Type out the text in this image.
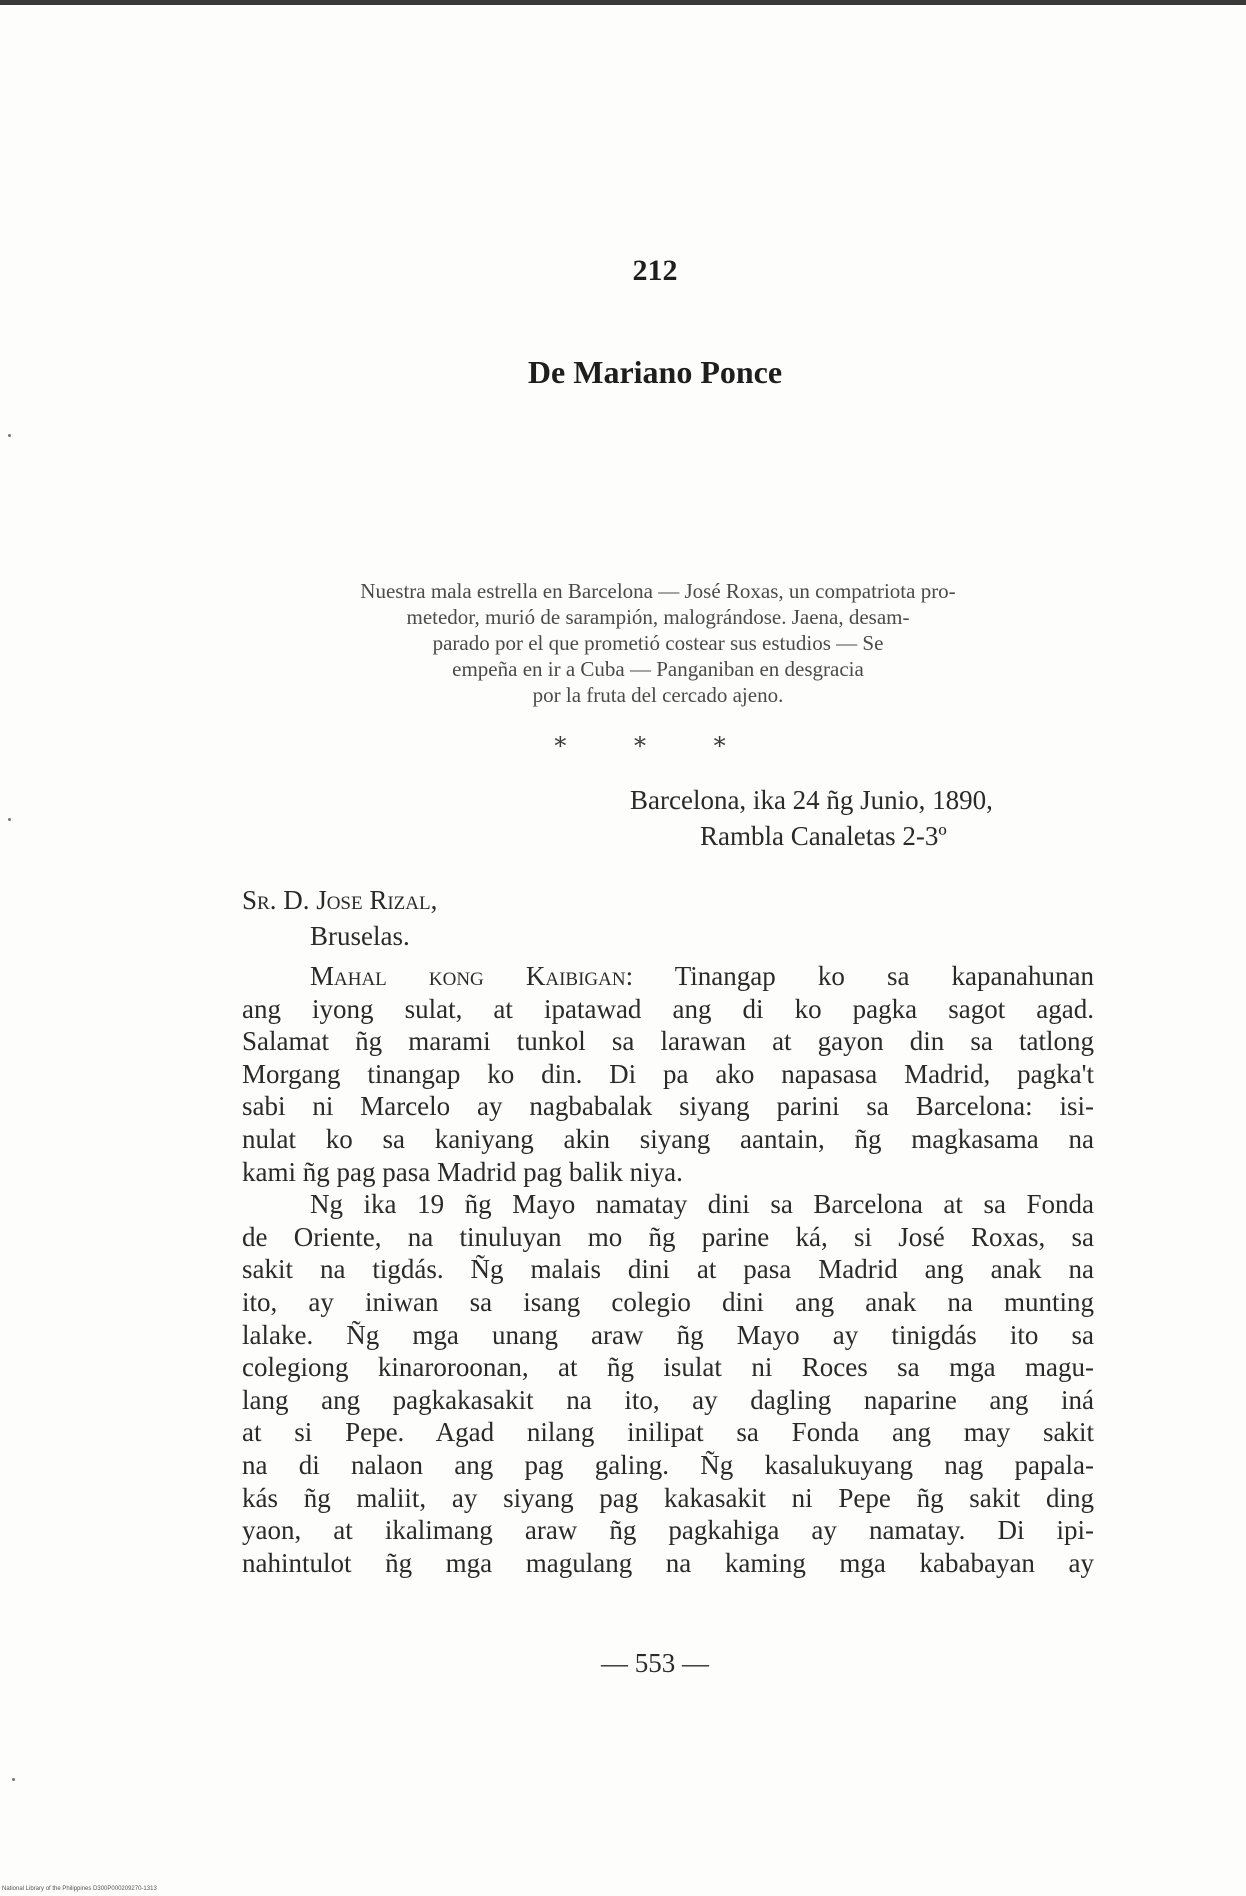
212
De Mariano Ponce
Nuestra mala estrella en Barcelona — José Roxas, un compatriota pro-
metedor, murió de sarampión, malográndose. Jaena, desam-
parado por el que prometió costear sus estudios — Se
empeña en ir a Cuba — Panganiban en desgracia
por la fruta del cercado ajeno.
* * *
Barcelona, ika 24 ñg Junio, 1890,
Rambla Canaletas 2-3º
Sr. D. Jose Rizal,
Bruselas.
Mahal kong Kaibigan: Tinangap ko sa kapanahunan
ang iyong sulat, at ipatawad ang di ko pagka sagot agad.
Salamat ñg marami tunkol sa larawan at gayon din sa tatlong
Morgang tinangap ko din. Di pa ako napasasa Madrid, pagka't
sabi ni Marcelo ay nagbabalak siyang parini sa Barcelona: isi-
nulat ko sa kaniyang akin siyang aantain, ñg magkasama na
kami ñg pag pasa Madrid pag balik niya.
Ng ika 19 ñg Mayo namatay dini sa Barcelona at sa Fonda
de Oriente, na tinuluyan mo ñg parine ká, si José Roxas, sa
sakit na tigdás. Ñg malais dini at pasa Madrid ang anak na
ito, ay iniwan sa isang colegio dini ang anak na munting
lalake. Ñg mga unang araw ñg Mayo ay tinigdás ito sa
colegiong kinaroroonan, at ñg isulat ni Roces sa mga magu-
lang ang pagkakasakit na ito, ay dagling naparine ang iná
at si Pepe. Agad nilang inilipat sa Fonda ang may sakit
na di nalaon ang pag galing. Ñg kasalukuyang nag papala-
kás ñg maliit, ay siyang pag kakasakit ni Pepe ñg sakit ding
yaon, at ikalimang araw ñg pagkahiga ay namatay. Di ipi-
nahintulot ñg mga magulang na kaming mga kababayan ay
— 553 —
National Library of the Philippines D300P000209270-1313
